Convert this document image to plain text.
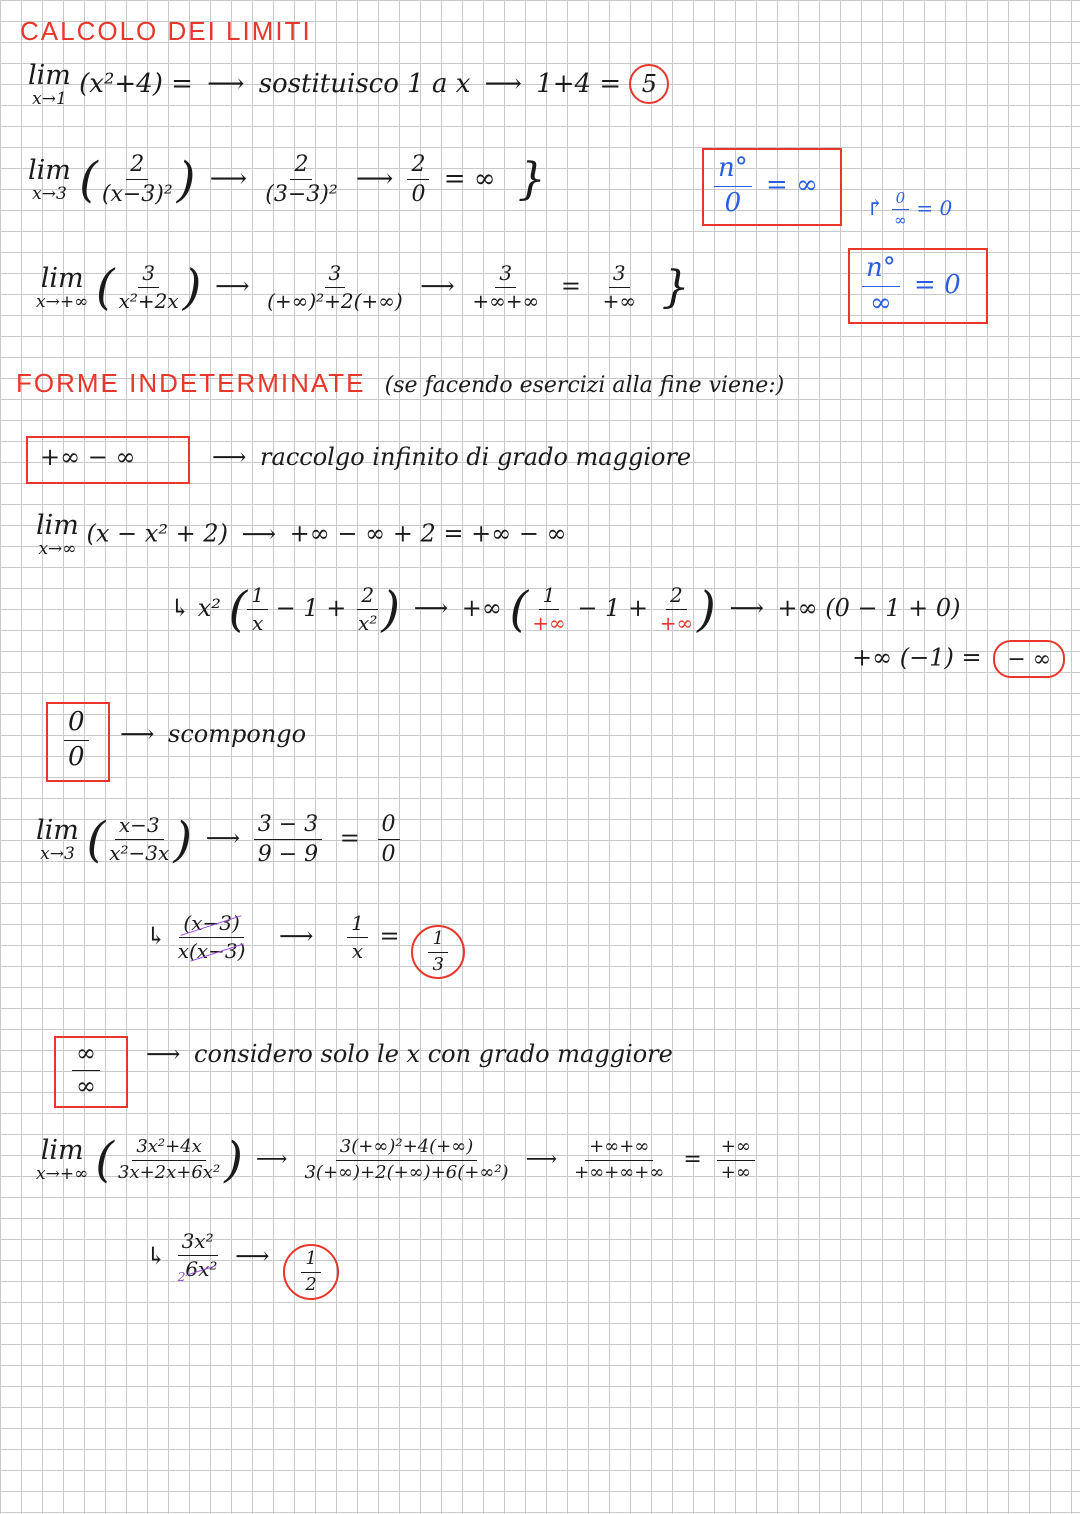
CALCOLO DEI LIMITI
lim
x→1 (x²+4) = ⟶ sostituisco 1 a x ⟶ 1+4 = 5
lim
x→3 ( $\frac{2}{\text{(x−3)²}}$ ) ⟶ $\frac{2}{\text{(3−3)²}}$ ⟶ $\frac{2}{0}$ = ∞ }	$\frac{n^\circ}{0}$ = ∞
↱ $\frac{0}{\infty} = 0$
lim
x→+∞ ( $\frac{3}{\text{x²+2x}}$ ) ⟶ $\frac{3}{\text{(+∞)²+2(+∞)}}$ ⟶ $\frac{3}{+\infty+\infty} = \frac{3}{+\infty}$ }	$\frac{n^\circ}{\infty} = 0$
FORME INDETERMINATE (se facendo esercizi alla fine viene:)
+∞ − ∞	⟶ raccolgo infinito di grado maggiore
lim
x→∞
(x − x² + 2) ⟶ +∞ − ∞ + 2 = +∞ − ∞
↳ x² ( $\frac{1}{x} - 1 + \frac{2}{\text{x²}}$ ) ⟶ +∞ ( $\frac{1}{+\infty} - 1 + \frac{2}{+\infty}$ ) ⟶ +∞ (0 − 1 + 0)
+∞ (−1) = − ∞
$\frac{0}{0}$ ⟶ scompongo
lim
x→3 ( $\frac{x-3}{\text{x²−3x}}$ ) ⟶ $\frac{3 - 3}{9 - 9} = \frac{0}{0}$
↳ $\frac{(x-3)}{x(x-3)}$ ⟶ $\frac{1}{x} = \frac{1}{3}$
$\frac{\infty}{\infty}$ ⟶ considero solo le x con grado maggiore
lim
x→+∞ ( $\frac{\text{3x²+4x}}{\text{3x+2x+6x²}}$ ) ⟶ $\frac{\text{3(+∞)²+4(+∞)}}{\text{3(+∞)+2(+∞)+6(+∞²)}}$ ⟶ $\frac{+\infty+\infty}{+\infty+\infty+\infty} = \frac{+\infty}{+\infty}$
↳ $\frac{\text{3x²}}{_26x^2}$ ⟶ $\frac{1}{2}$
